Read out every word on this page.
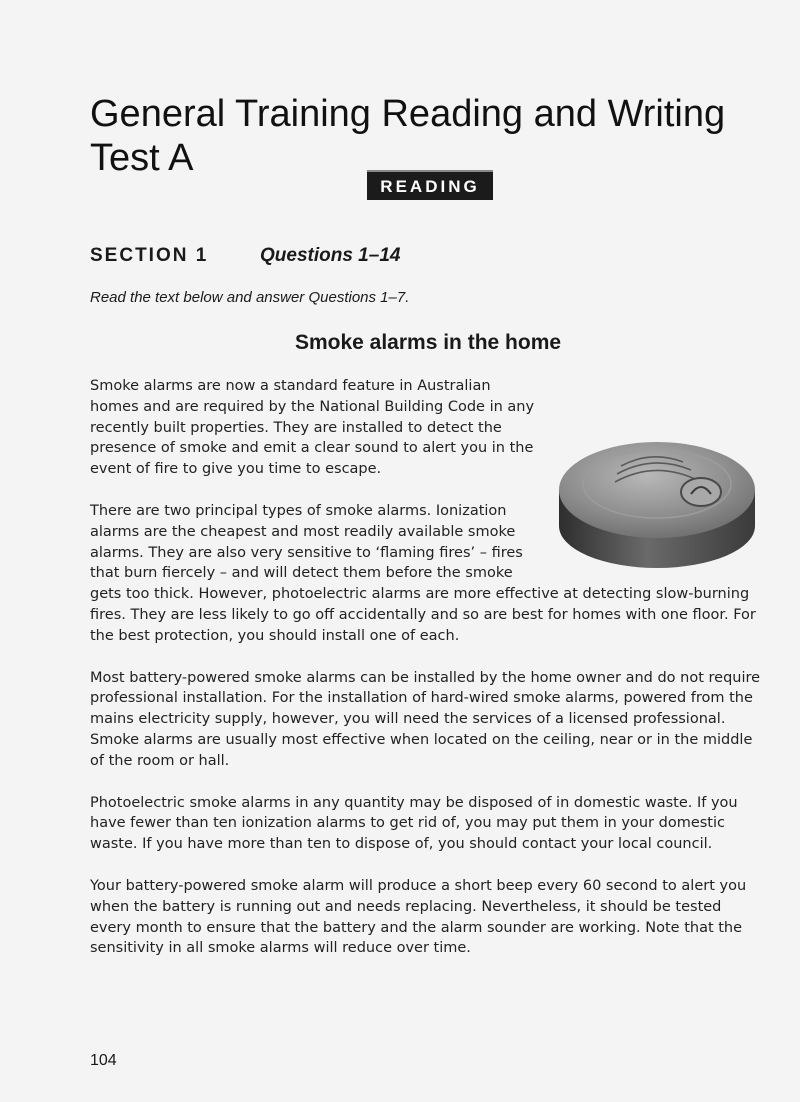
General Training Reading and Writing Test A
READING
SECTION 1	Questions 1–14

Read the text below and answer Questions 1–7.

Smoke alarms in the home

Smoke alarms are now a standard feature in Australian homes and are required by the National Building Code in any recently built properties. They are installed to detect the presence of smoke and emit a clear sound to alert you in the event of fire to give you time to escape.

There are two principal types of smoke alarms. Ionization alarms are the cheapest and most readily available smoke alarms. They are also very sensitive to ‘flaming fires’ – fires that burn fiercely – and will detect them before the smoke gets too thick. However, photoelectric alarms are more effective at detecting slow-burning fires. They are less likely to go off accidentally and so are best for homes with one floor. For the best protection, you should install one of each.

Most battery-powered smoke alarms can be installed by the home owner and do not require professional installation. For the installation of hard-wired smoke alarms, powered from the mains electricity supply, however, you will need the services of a licensed professional. Smoke alarms are usually most effective when located on the ceiling, near or in the middle of the room or hall.

Photoelectric smoke alarms in any quantity may be disposed of in domestic waste. If you have fewer than ten ionization alarms to get rid of, you may put them in your domestic waste. If you have more than ten to dispose of, you should contact your local council.

Your battery-powered smoke alarm will produce a short beep every 60 second to alert you when the battery is running out and needs replacing. Nevertheless, it should be tested every month to ensure that the battery and the alarm sounder are working. Note that the sensitivity in all smoke alarms will reduce over time.

104
